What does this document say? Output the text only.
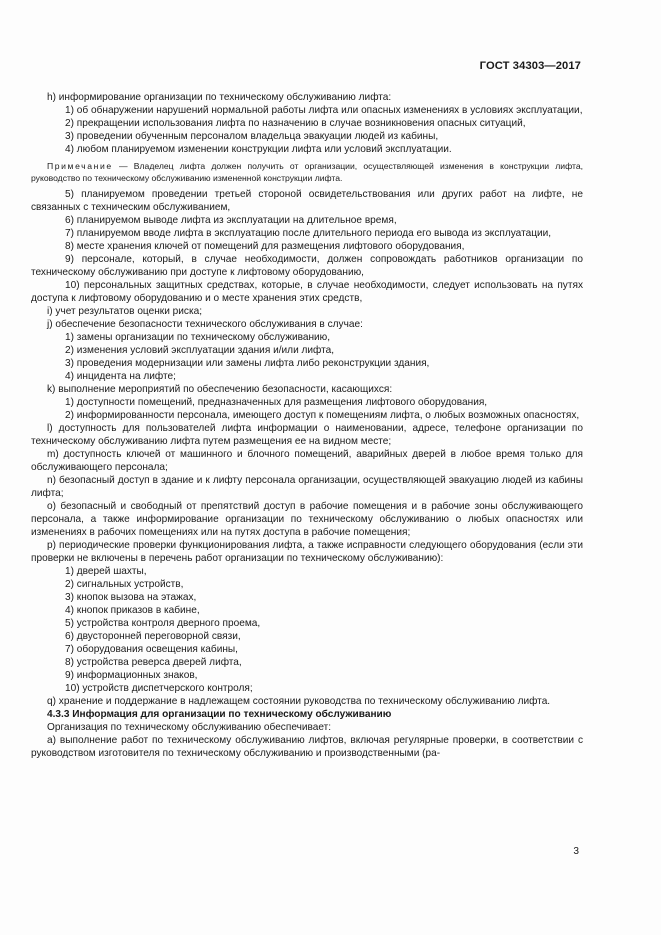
ГОСТ 34303—2017

h) информирование организации по техническому обслуживанию лифта:

1) об обнаружении нарушений нормальной работы лифта или опасных изменениях в условиях эксплуатации,

2) прекращении использования лифта по назначению в случае возникновения опасных ситуаций,

3) проведении обученным персоналом владельца эвакуации людей из кабины,

4) любом планируемом изменении конструкции лифта или условий эксплуатации.

Примечание — Владелец лифта должен получить от организации, осуществляющей изменения в конструкции лифта, руководство по техническому обслуживанию измененной конструкции лифта.

5) планируемом проведении третьей стороной освидетельствования или других работ на лифте, не связанных с техническим обслуживанием,

6) планируемом выводе лифта из эксплуатации на длительное время,

7) планируемом вводе лифта в эксплуатацию после длительного периода его вывода из эксплуатации,

8) месте хранения ключей от помещений для размещения лифтового оборудования,

9) персонале, который, в случае необходимости, должен сопровождать работников организации по техническому обслуживанию при доступе к лифтовому оборудованию,

10) персональных защитных средствах, которые, в случае необходимости, следует использовать на путях доступа к лифтовому оборудованию и о месте хранения этих средств,

i) учет результатов оценки риска;

j) обеспечение безопасности технического обслуживания в случае:

1) замены организации по техническому обслуживанию,

2) изменения условий эксплуатации здания и/или лифта,

3) проведения модернизации или замены лифта либо реконструкции здания,

4) инцидента на лифте;

k) выполнение мероприятий по обеспечению безопасности, касающихся:

1) доступности помещений, предназначенных для размещения лифтового оборудования,

2) информированности персонала, имеющего доступ к помещениям лифта, о любых возможных опасностях,

l) доступность для пользователей лифта информации о наименовании, адресе, телефоне организации по техническому обслуживанию лифта путем размещения ее на видном месте;

m) доступность ключей от машинного и блочного помещений, аварийных дверей в любое время только для обслуживающего персонала;

n) безопасный доступ в здание и к лифту персонала организации, осуществляющей эвакуацию людей из кабины лифта;

o) безопасный и свободный от препятствий доступ в рабочие помещения и в рабочие зоны обслуживающего персонала, а также информирование организации по техническому обслуживанию о любых опасностях или изменениях в рабочих помещениях или на путях доступа в рабочие помещения;

p) периодические проверки функционирования лифта, а также исправности следующего оборудования (если эти проверки не включены в перечень работ организации по техническому обслуживанию):

1) дверей шахты,

2) сигнальных устройств,

3) кнопок вызова на этажах,

4) кнопок приказов в кабине,

5) устройства контроля дверного проема,

6) двусторонней переговорной связи,

7) оборудования освещения кабины,

8) устройства реверса дверей лифта,

9) информационных знаков,

10) устройств диспетчерского контроля;

q) хранение и поддержание в надлежащем состоянии руководства по техническому обслуживанию лифта.

4.3.3 Информация для организации по техническому обслуживанию

Организация по техническому обслуживанию обеспечивает:

a) выполнение работ по техническому обслуживанию лифтов, включая регулярные проверки, в соответствии с руководством изготовителя по техническому обслуживанию и производственными (ра-

3
